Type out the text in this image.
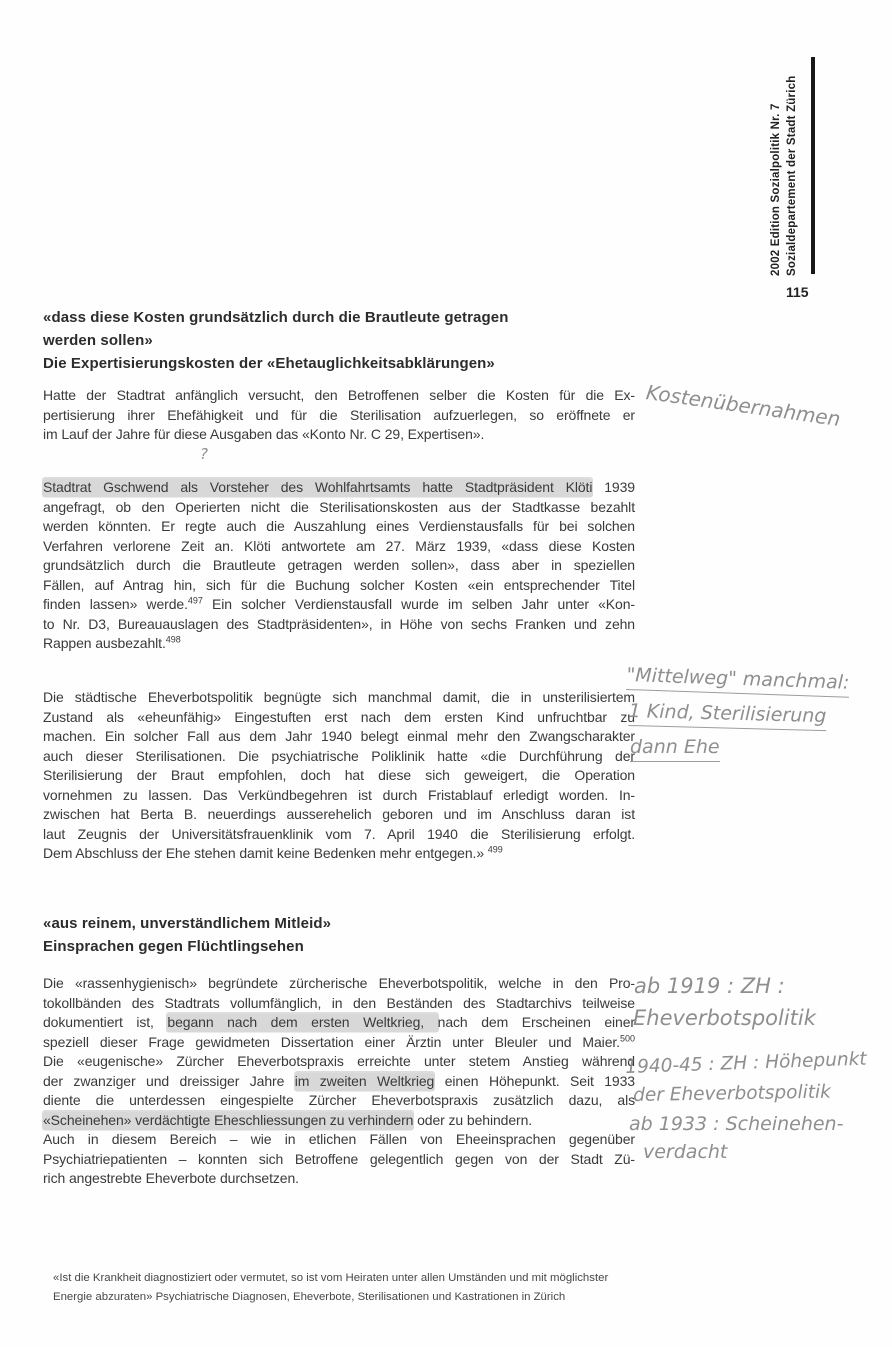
2002 Edition Sozialpolitik Nr. 7 Sozialdepartement der Stadt Zürich
115
«dass diese Kosten grundsätzlich durch die Brautleute getragen
werden sollen»
Die Expertisierungskosten der «Ehetauglichkeitsabklärungen»
Hatte der Stadtrat anfänglich versucht, den Betroffenen selber die Kosten für die Ex-
pertisierung ihrer Ehefähigkeit und für die Sterilisation aufzuerlegen, so eröffnete er
im Lauf der Jahre für diese Ausgaben das «Konto Nr. C 29, Expertisen».
?
Stadtrat Gschwend als Vorsteher des Wohlfahrtsamts hatte Stadtpräsident Klöti 1939
angefragt, ob den Operierten nicht die Sterilisationskosten aus der Stadtkasse bezahlt
werden könnten. Er regte auch die Auszahlung eines Verdienstausfalls für bei solchen
Verfahren verlorene Zeit an. Klöti antwortete am 27. März 1939, «dass diese Kosten
grundsätzlich durch die Brautleute getragen werden sollen», dass aber in speziellen
Fällen, auf Antrag hin, sich für die Buchung solcher Kosten «ein entsprechender Titel
finden lassen» werde.$^{497}$ Ein solcher Verdienstausfall wurde im selben Jahr unter «Kon-
to Nr. D3, Bureauauslagen des Stadtpräsidenten», in Höhe von sechs Franken und zehn
Rappen ausbezahlt.$^{498}$
Die städtische Eheverbotspolitik begnügte sich manchmal damit, die in unsterilisiertem
Zustand als «eheunfähig» Eingestuften erst nach dem ersten Kind unfruchtbar zu
machen. Ein solcher Fall aus dem Jahr 1940 belegt einmal mehr den Zwangscharakter
auch dieser Sterilisationen. Die psychiatrische Poliklinik hatte «die Durchführung der
Sterilisierung der Braut empfohlen, doch hat diese sich geweigert, die Operation
vornehmen zu lassen. Das Verkündbegehren ist durch Fristablauf erledigt worden. In-
zwischen hat Berta B. neuerdings ausserehelich geboren und im Anschluss daran ist
laut Zeugnis der Universitätsfrauenklinik vom 7. April 1940 die Sterilisierung erfolgt.
Dem Abschluss der Ehe stehen damit keine Bedenken mehr entgegen.» $^{499}$
«aus reinem, unverständlichem Mitleid»
Einsprachen gegen Flüchtlingsehen
Die «rassenhygienisch» begründete zürcherische Eheverbotspolitik, welche in den Pro-
tokollbänden des Stadtrats vollumfänglich, in den Beständen des Stadtarchivs teilweise
dokumentiert ist, begann nach dem ersten Weltkrieg, nach dem Erscheinen einer
speziell dieser Frage gewidmeten Dissertation einer Ärztin unter Bleuler und Maier.$^{500}$
Die «eugenische» Zürcher Eheverbotspraxis erreichte unter stetem Anstieg während
der zwanziger und dreissiger Jahre im zweiten Weltkrieg einen Höhepunkt. Seit 1933
diente die unterdessen eingespielte Zürcher Eheverbotspraxis zusätzlich dazu, als
«Scheinehen» verdächtigte Eheschliessungen zu verhindern oder zu behindern.
Auch in diesem Bereich – wie in etlichen Fällen von Eheeinsprachen gegenüber
Psychiatriepatienten – konnten sich Betroffene gelegentlich gegen von der Stadt Zü-
rich angestrebte Eheverbote durchsetzen.
Kostenübernahmen
"Mittelweg" manchmal:
1 Kind, Sterilisierung
dann Ehe
ab 1919 : ZH :
Eheverbotspolitik
1940-45 : ZH : Höhepunkt
der Eheverbotspolitik
ab 1933 : Scheinehen-
verdacht
«Ist die Krankheit diagnostiziert oder vermutet, so ist vom Heiraten unter allen Umständen und mit möglichster
Energie abzuraten» Psychiatrische Diagnosen, Eheverbote, Sterilisationen und Kastrationen in Zürich
